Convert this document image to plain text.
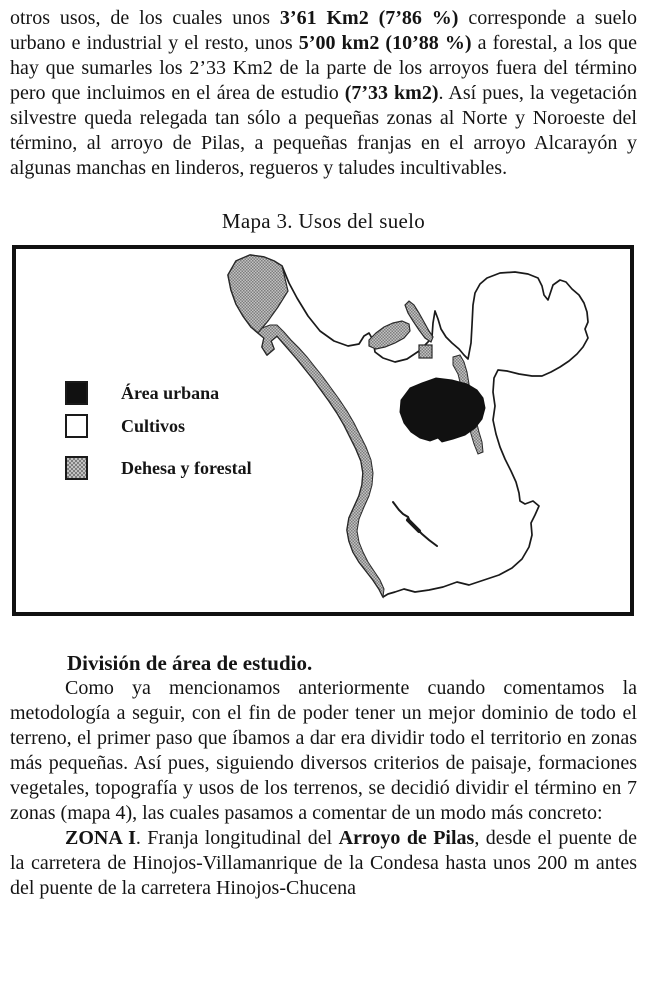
otros usos, de los cuales unos 3’61 Km2 (7’86 %) corresponde a suelo urbano e industrial y el resto, unos 5’00 km2 (10’88 %) a forestal, a los que hay que sumarles los 2’33 Km2 de la parte de los arroyos fuera del término pero que incluimos en el área de estudio (7’33 km2). Así pues, la vegetación silvestre queda relegada tan sólo a pequeñas zonas al Norte y Noroeste del término, al arroyo de Pilas, a pequeñas franjas en el arroyo Alcarayón y algunas manchas en linderos, regueros y taludes incultivables.

Mapa 3. Usos del suelo
Área urbana
Cultivos
Dehesa y forestal
División de área de estudio.

Como ya mencionamos anteriormente cuando comentamos la metodología a seguir, con el fin de poder tener un mejor dominio de todo el terreno, el primer paso que íbamos a dar era dividir todo el territorio en zonas más pequeñas. Así pues, siguiendo diversos criterios de paisaje, formaciones vegetales, topografía y usos de los terrenos, se decidió dividir el término en 7 zonas (mapa 4), las cuales pasamos a comentar de un modo más concreto:

ZONA I. Franja longitudinal del Arroyo de Pilas, desde el puente de la carretera de Hinojos-Villamanrique de la Condesa hasta unos 200 m antes del puente de la carretera Hinojos-Chucena
